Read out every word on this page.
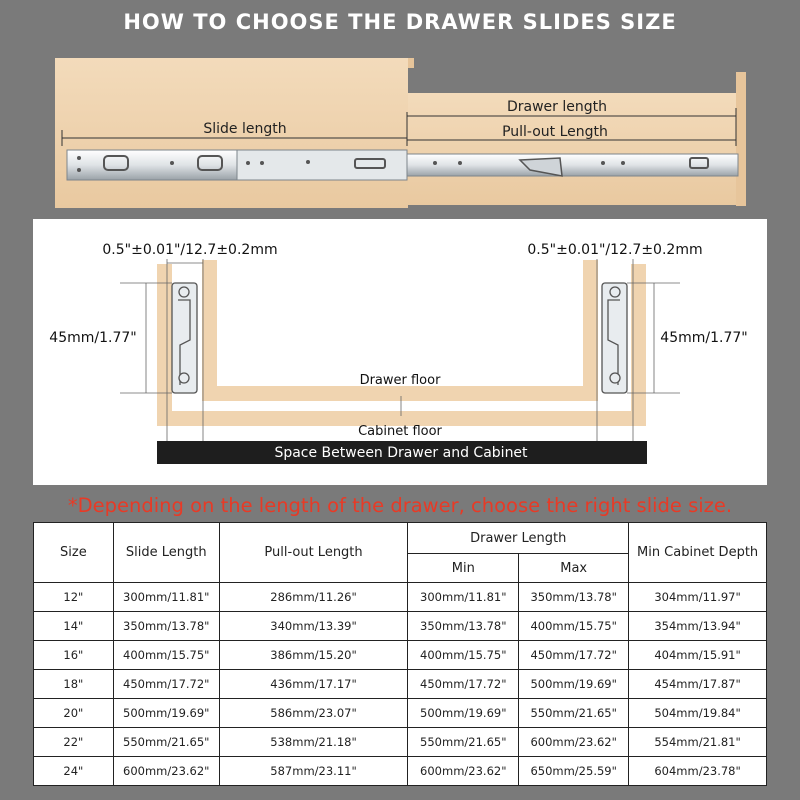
HOW TO CHOOSE THE DRAWER SLIDES SIZE
Slide length
Drawer length
Pull-out Length
0.5"±0.01"/12.7±0.2mm	0.5"±0.01"/12.7±0.2mm
45mm/1.77"	45mm/1.77"
Drawer floor
Cabinet floor
Space Between Drawer and Cabinet
*Depending on the length of the drawer, choose the right slide size.
Size	Slide Length	Pull-out Length	Drawer Length		Min Cabinet Depth
			Min	Max	
12"	300mm/11.81"	286mm/11.26"	300mm/11.81"	350mm/13.78"	304mm/11.97"
14"	350mm/13.78"	340mm/13.39"	350mm/13.78"	400mm/15.75"	354mm/13.94"
16"	400mm/15.75"	386mm/15.20"	400mm/15.75"	450mm/17.72"	404mm/15.91"
18"	450mm/17.72"	436mm/17.17"	450mm/17.72"	500mm/19.69"	454mm/17.87"
20"	500mm/19.69"	586mm/23.07"	500mm/19.69"	550mm/21.65"	504mm/19.84"
22"	550mm/21.65"	538mm/21.18"	550mm/21.65"	600mm/23.62"	554mm/21.81"
24"	600mm/23.62"	587mm/23.11"	600mm/23.62"	650mm/25.59"	604mm/23.78"
